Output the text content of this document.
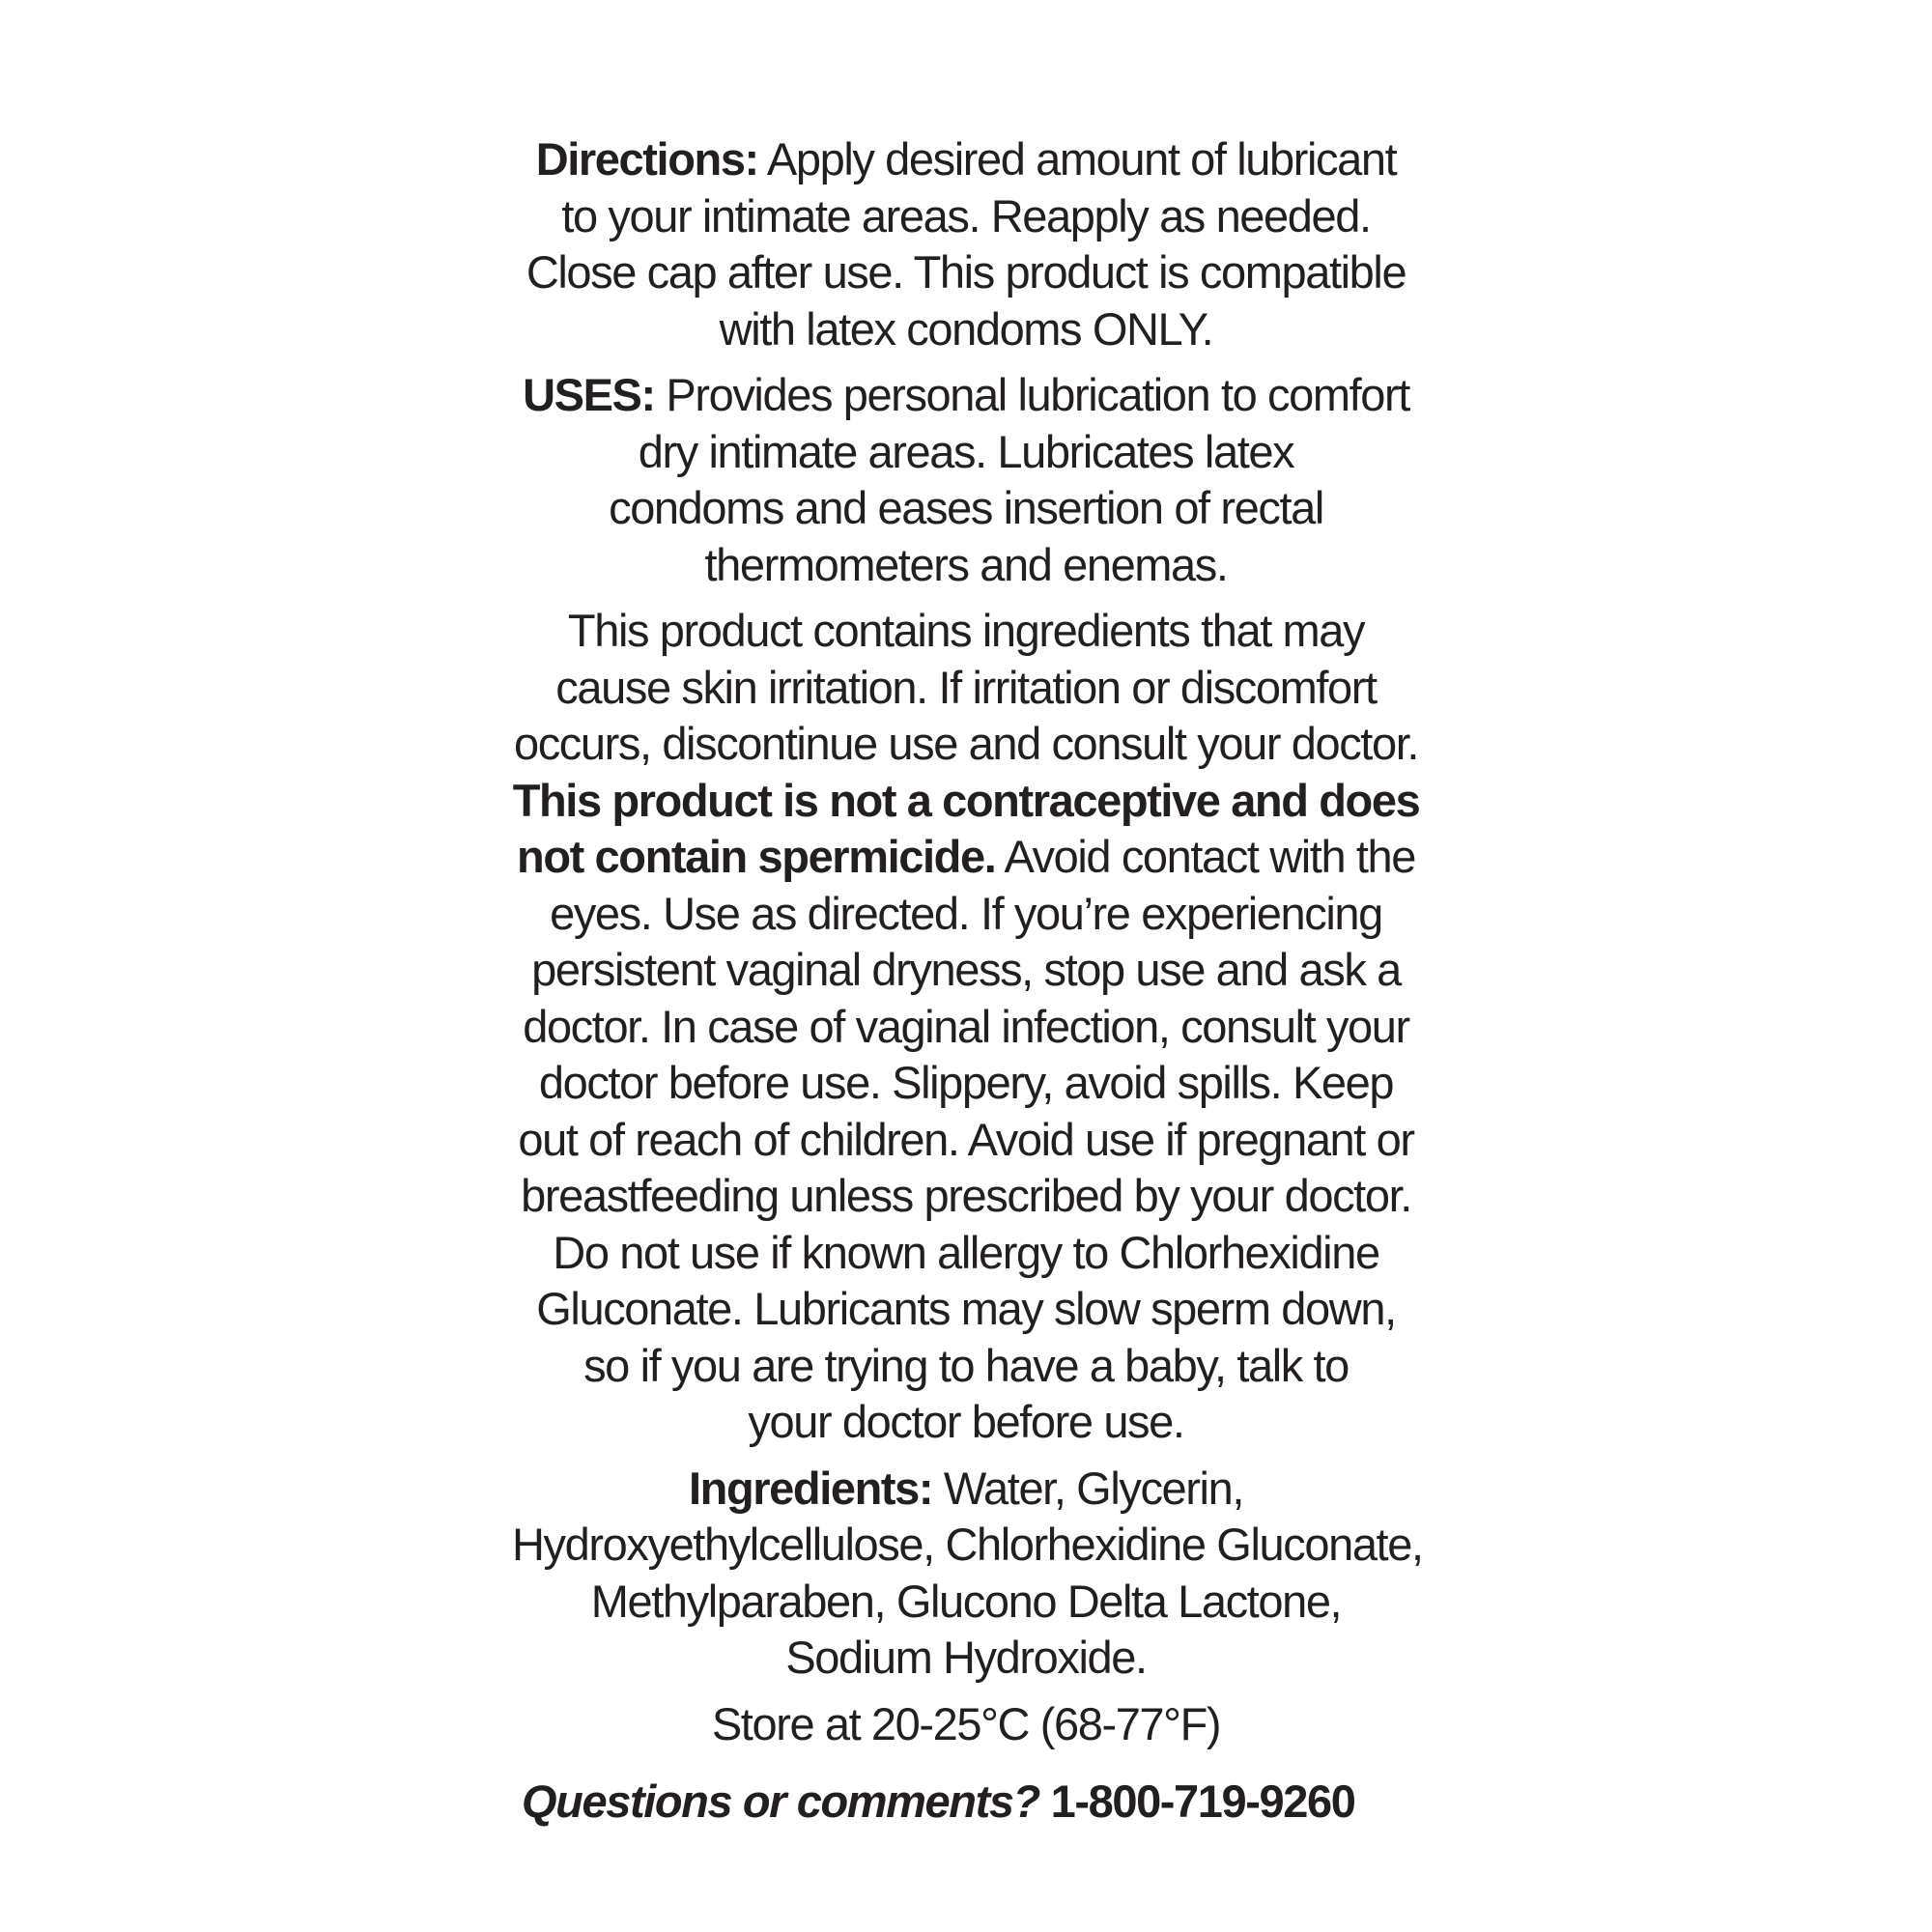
Directions: Apply desired amount of lubricant
to your intimate areas. Reapply as needed.
Close cap after use. This product is compatible
with latex condoms ONLY.
USES: Provides personal lubrication to comfort
dry intimate areas. Lubricates latex
condoms and eases insertion of rectal
thermometers and enemas.
This product contains ingredients that may
cause skin irritation. If irritation or discomfort
occurs, discontinue use and consult your doctor.
This product is not a contraceptive and does
not contain spermicide. Avoid contact with the
eyes. Use as directed. If you’re experiencing
persistent vaginal dryness, stop use and ask a
doctor. In case of vaginal infection, consult your
doctor before use. Slippery, avoid spills. Keep
out of reach of children. Avoid use if pregnant or
breastfeeding unless prescribed by your doctor.
Do not use if known allergy to Chlorhexidine
Gluconate. Lubricants may slow sperm down,
so if you are trying to have a baby, talk to
your doctor before use.
Ingredients: Water, Glycerin,
Hydroxyethylcellulose, Chlorhexidine Gluconate,
Methylparaben, Glucono Delta Lactone,
Sodium Hydroxide.
Store at 20-25°C (68-77°F)
Questions or comments? 1-800-719-9260
